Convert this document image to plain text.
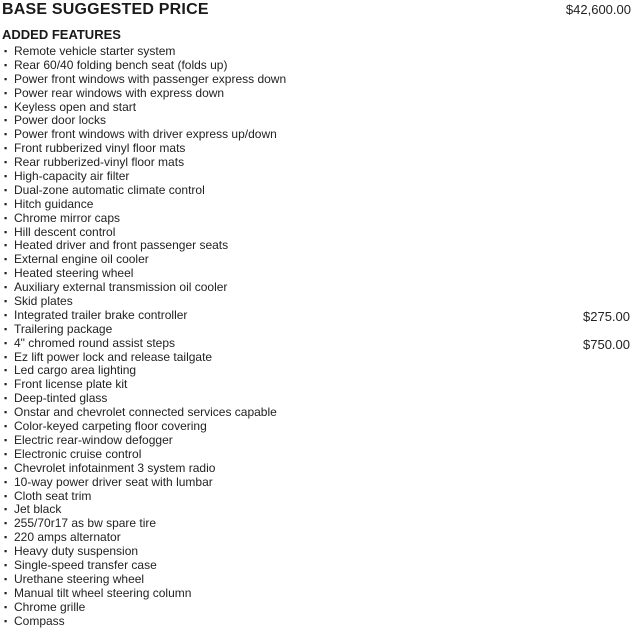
BASE SUGGESTED PRICE	$42,600.00
ADDED FEATURES
▪ Remote vehicle starter system
▪ Rear 60/40 folding bench seat (folds up)
▪ Power front windows with passenger express down
▪ Power rear windows with express down
▪ Keyless open and start
▪ Power door locks
▪ Power front windows with driver express up/down
▪ Front rubberized vinyl floor mats
▪ Rear rubberized-vinyl floor mats
▪ High-capacity air filter
▪ Dual-zone automatic climate control
▪ Hitch guidance
▪ Chrome mirror caps
▪ Hill descent control
▪ Heated driver and front passenger seats
▪ External engine oil cooler
▪ Heated steering wheel
▪ Auxiliary external transmission oil cooler
▪ Skid plates
▪ Integrated trailer brake controller	$275.00
▪ Trailering package
▪ 4" chromed round assist steps	$750.00
▪ Ez lift power lock and release tailgate
▪ Led cargo area lighting
▪ Front license plate kit
▪ Deep-tinted glass
▪ Onstar and chevrolet connected services capable
▪ Color-keyed carpeting floor covering
▪ Electric rear-window defogger
▪ Electronic cruise control
▪ Chevrolet infotainment 3 system radio
▪ 10-way power driver seat with lumbar
▪ Cloth seat trim
▪ Jet black
▪ 255/70r17 as bw spare tire
▪ 220 amps alternator
▪ Heavy duty suspension
▪ Single-speed transfer case
▪ Urethane steering wheel
▪ Manual tilt wheel steering column
▪ Chrome grille
▪ Compass
